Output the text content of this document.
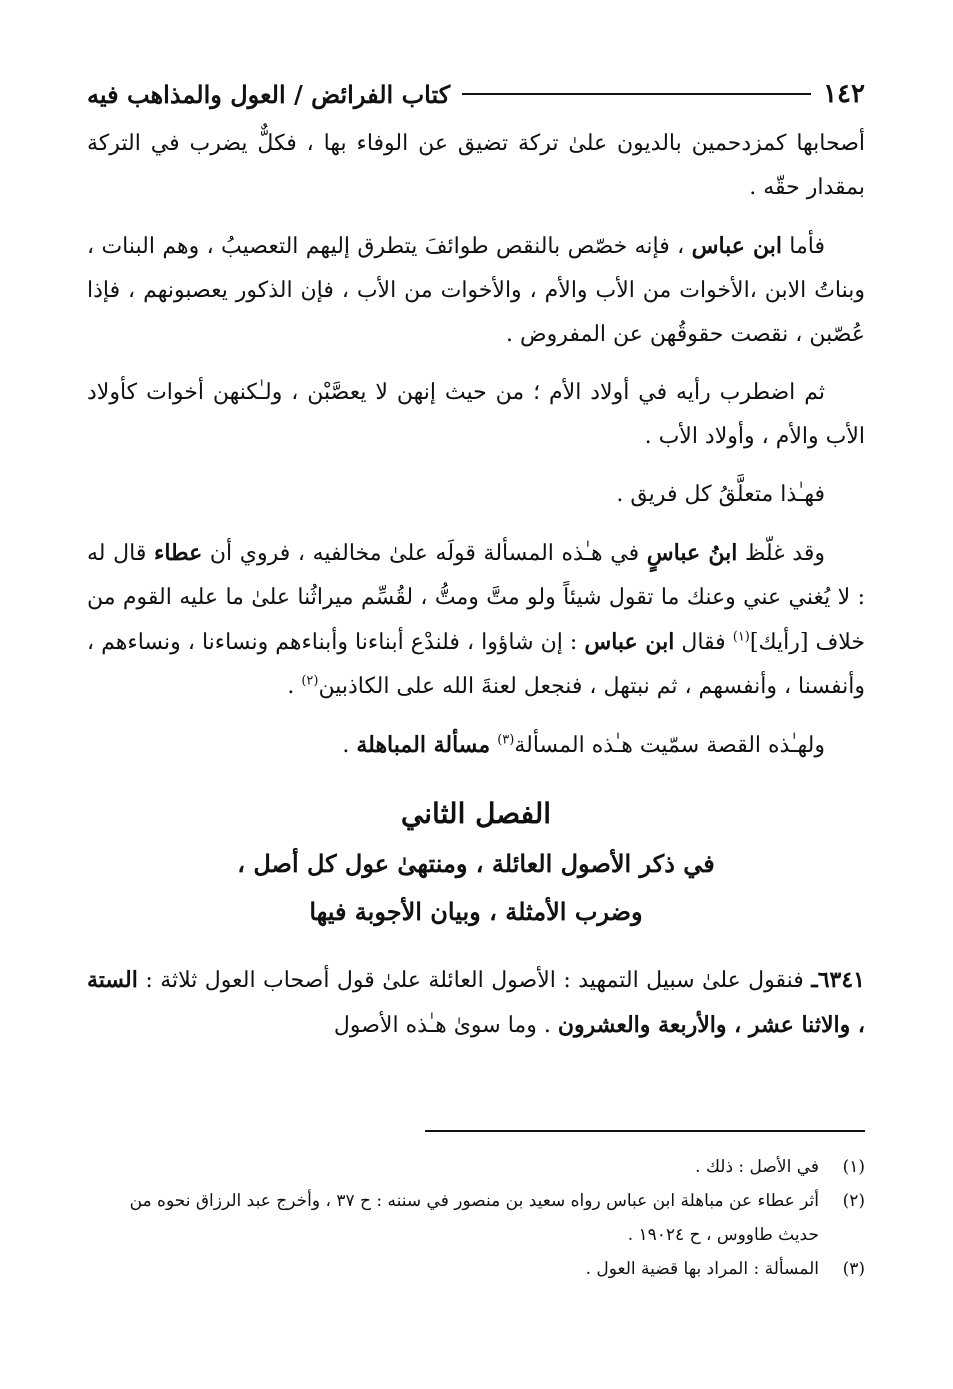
١٤٢
كتاب الفرائض / العول والمذاهب فيه

أصحابها كمزدحمين بالديون علىٰ تركة تضيق عن الوفاء بها ، فكلٌّ يضرب في التركة بمقدار حقّه .

فأما ابن عباس ، فإنه خصّص بالنقص طوائفَ يتطرق إليهم التعصيبُ ، وهم البنات ، وبناتُ الابن ،الأخوات من الأب والأم ، والأخوات من الأب ، فإن الذكور يعصبونهم ، فإذا عُصّبن ، نقصت حقوقُهن عن المفروض .

ثم اضطرب رأيه في أولاد الأم ؛ من حيث إنهن لا يعصَّبْن ، ولـٰكنهن أخوات كأولاد الأب والأم ، وأولاد الأب .

فهـٰذا متعلَّقُ كل فريق .

وقد غلّظ ابنُ عباسٍ في هـٰذه المسألة قولَه علىٰ مخالفيه ، فروي أن عطاء قال له : لا يُغني عني وعنك ما تقول شيئاً ولو متَّ ومتُّ ، لقُسِّم ميراثُنا علىٰ ما عليه القوم من خلاف [رأيك]$^{(١)}$ فقال ابن عباس : إن شاؤوا ، فلندْع أبناءنا وأبناءهم ونساءنا ، ونساءهم ، وأنفسنا ، وأنفسهم ، ثم نبتهل ، فنجعل لعنةَ الله على الكاذبين$^{(٢)}$ .

ولهـٰذه القصة سمّيت هـٰذه المسألة$^{(٣)}$ مسألة المباهلة .

الفصل الثاني
في ذكر الأصول العائلة ، ومنتهىٰ عول كل أصل ،
وضرب الأمثلة ، وبيان الأجوبة فيها

٦٣٤١ـ فنقول علىٰ سبيل التمهيد : الأصول العائلة علىٰ قول أصحاب العول ثلاثة : الستة ، والاثنا عشر ، والأربعة والعشرون . وما سوىٰ هـٰذه الأصول

(١)
في الأصل : ذلك .
(٢)
أثر عطاء عن مباهلة ابن عباس رواه سعيد بن منصور في سننه : ح ٣٧ ، وأخرج عبد الرزاق نحوه من حديث طاووس ، ح ١٩٠٢٤ .
(٣)
المسألة : المراد بها قضية العول .
